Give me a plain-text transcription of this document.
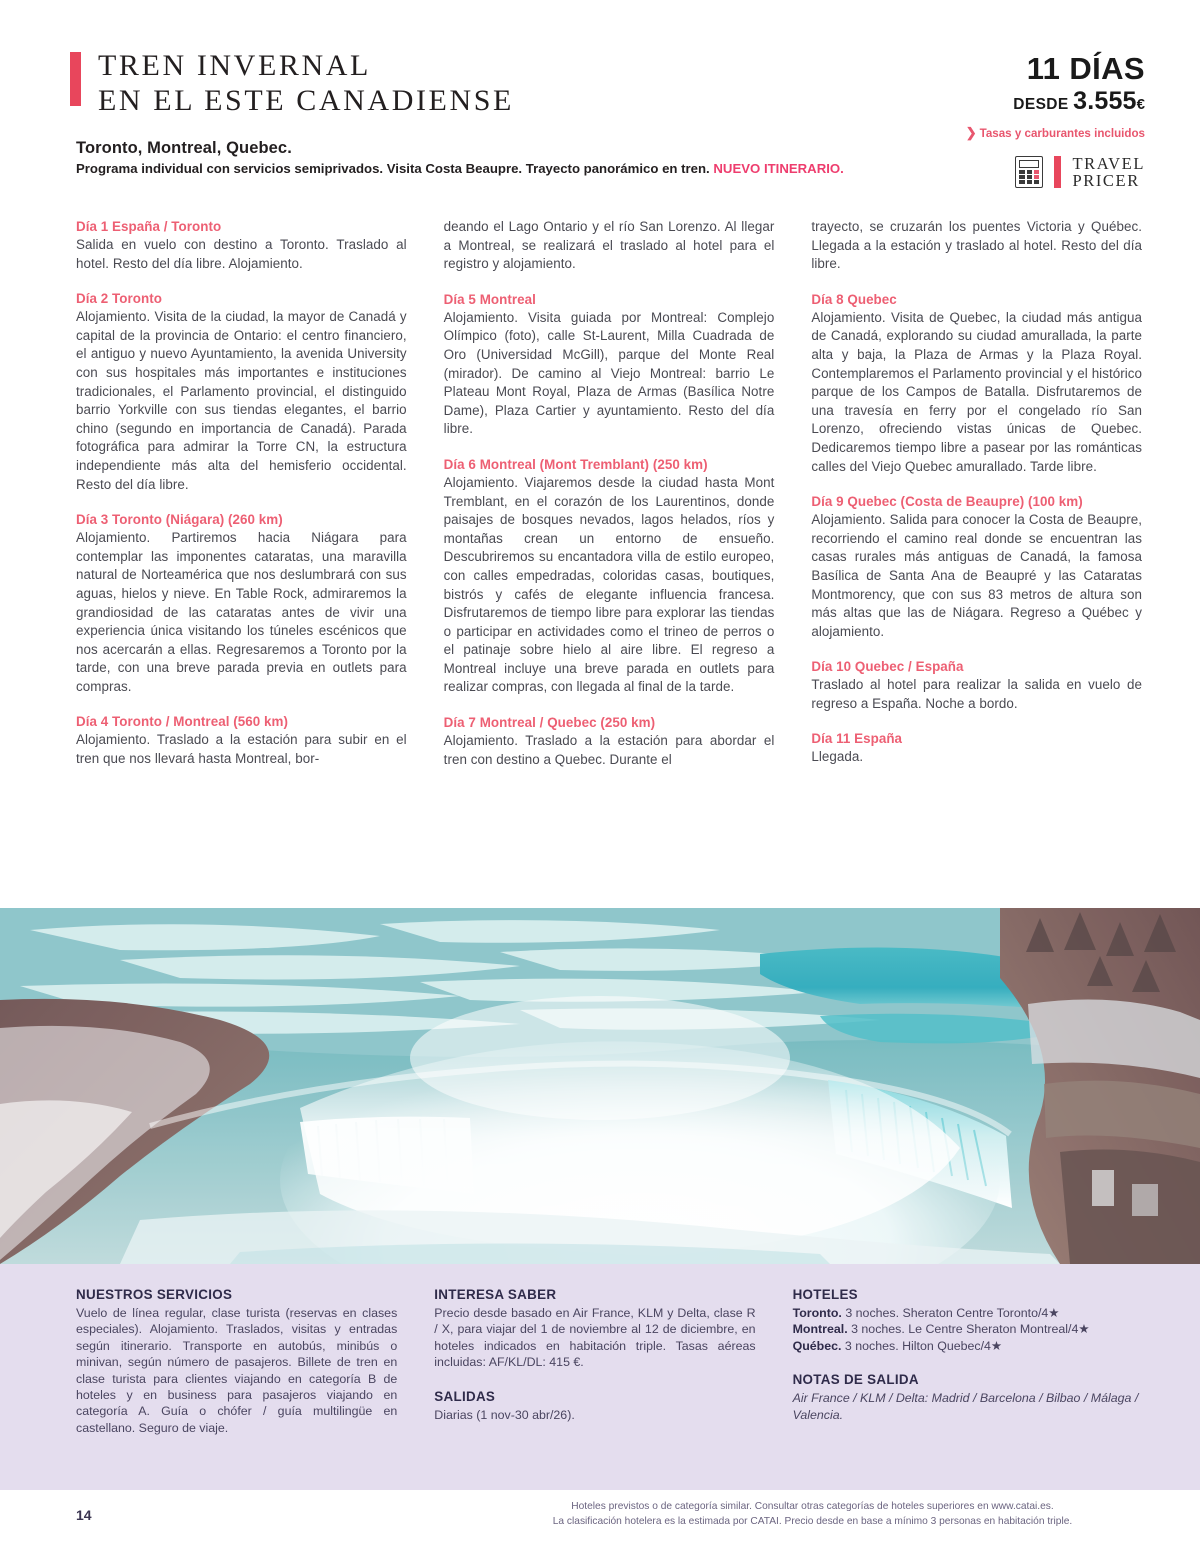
TREN INVERNAL
EN EL ESTE CANADIENSE
Toronto, Montreal, Quebec.
Programa individual con servicios semiprivados. Visita Costa Beaupre. Trayecto panorámico en tren. NUEVO ITINERARIO.
11 DÍAS
DESDE 3.555€
❯ Tasas y carburantes incluidos
TRAVEL
PRICER
Día 1 España / Toronto

Salida en vuelo con destino a Toronto. Traslado al hotel. Resto del día libre. Alojamiento.

Día 2 Toronto

Alojamiento. Visita de la ciudad, la mayor de Canadá y capital de la provincia de Ontario: el centro financiero, el antiguo y nuevo Ayuntamiento, la avenida University con sus hospitales más importantes e instituciones tradicionales, el Parlamento provincial, el distinguido barrio Yorkville con sus tiendas elegantes, el barrio chino (segundo en importancia de Canadá). Parada fotográfica para admirar la Torre CN, la estructura independiente más alta del hemisferio occidental. Resto del día libre.

Día 3 Toronto (Niágara) (260 km)

Alojamiento. Partiremos hacia Niágara para contemplar las imponentes cataratas, una maravilla natural de Norteamérica que nos deslumbrará con sus aguas, hielos y nieve. En Table Rock, admiraremos la grandiosidad de las cataratas antes de vivir una experiencia única visitando los túneles escénicos que nos acercarán a ellas. Regresaremos a Toronto por la tarde, con una breve parada previa en outlets para compras.

Día 4 Toronto / Montreal (560 km)

Alojamiento. Traslado a la estación para subir en el tren que nos llevará hasta Montreal, bor-

deando el Lago Ontario y el río San Lorenzo. Al llegar a Montreal, se realizará el traslado al hotel para el registro y alojamiento.

Día 5 Montreal

Alojamiento. Visita guiada por Montreal: Complejo Olímpico (foto), calle St-Laurent, Milla Cuadrada de Oro (Universidad McGill), parque del Monte Real (mirador). De camino al Viejo Montreal: barrio Le Plateau Mont Royal, Plaza de Armas (Basílica Notre Dame), Plaza Cartier y ayuntamiento. Resto del día libre.

Día 6 Montreal (Mont Tremblant) (250 km)

Alojamiento. Viajaremos desde la ciudad hasta Mont Tremblant, en el corazón de los Laurentinos, donde paisajes de bosques nevados, lagos helados, ríos y montañas crean un entorno de ensueño. Descubriremos su encantadora villa de estilo europeo, con calles empedradas, coloridas casas, boutiques, bistrós y cafés de elegante influencia francesa. Disfrutaremos de tiempo libre para explorar las tiendas o participar en actividades como el trineo de perros o el patinaje sobre hielo al aire libre. El regreso a Montreal incluye una breve parada en outlets para realizar compras, con llegada al final de la tarde.

Día 7 Montreal / Quebec (250 km)

Alojamiento. Traslado a la estación para abordar el tren con destino a Quebec. Durante el

trayecto, se cruzarán los puentes Victoria y Québec. Llegada a la estación y traslado al hotel. Resto del día libre.

Día 8 Quebec

Alojamiento. Visita de Quebec, la ciudad más antigua de Canadá, explorando su ciudad amurallada, la parte alta y baja, la Plaza de Armas y la Plaza Royal. Contemplaremos el Parlamento provincial y el histórico parque de los Campos de Batalla. Disfrutaremos de una travesía en ferry por el congelado río San Lorenzo, ofreciendo vistas únicas de Quebec. Dedicaremos tiempo libre a pasear por las románticas calles del Viejo Quebec amurallado. Tarde libre.

Día 9 Quebec (Costa de Beaupre) (100 km)

Alojamiento. Salida para conocer la Costa de Beaupre, recorriendo el camino real donde se encuentran las casas rurales más antiguas de Canadá, la famosa Basílica de Santa Ana de Beaupré y las Cataratas Montmorency, que con sus 83 metros de altura son más altas que las de Niágara. Regreso a Québec y alojamiento.

Día 10 Quebec / España

Traslado al hotel para realizar la salida en vuelo de regreso a España. Noche a bordo.

Día 11 España

Llegada.

NUESTROS SERVICIOS

Vuelo de línea regular, clase turista (reservas en clases especiales). Alojamiento. Traslados, visitas y entradas según itinerario. Transporte en autobús, minibús o minivan, según número de pasajeros. Billete de tren en clase turista para clientes viajando en categoría B de hoteles y en business para pasajeros viajando en categoría A. Guía o chófer / guía multilingüe en castellano. Seguro de viaje.

INTERESA SABER

Precio desde basado en Air France, KLM y Delta, clase R / X, para viajar del 1 de noviembre al 12 de diciembre, en hoteles indicados en habitación triple. Tasas aéreas incluidas: AF/KL/DL: 415 €.

SALIDAS

Diarias (1 nov-30 abr/26).

HOTELES

Toronto. 3 noches. Sheraton Centre Toronto/4★

Montreal. 3 noches. Le Centre Sheraton Montreal/4★

Québec. 3 noches. Hilton Quebec/4★

NOTAS DE SALIDA

Air France / KLM / Delta: Madrid / Barcelona / Bilbao / Málaga / Valencia.

14
Hoteles previstos o de categoría similar. Consultar otras categorías de hoteles superiores en www.catai.es.
La clasificación hotelera es la estimada por CATAI. Precio desde en base a mínimo 3 personas en habitación triple.
